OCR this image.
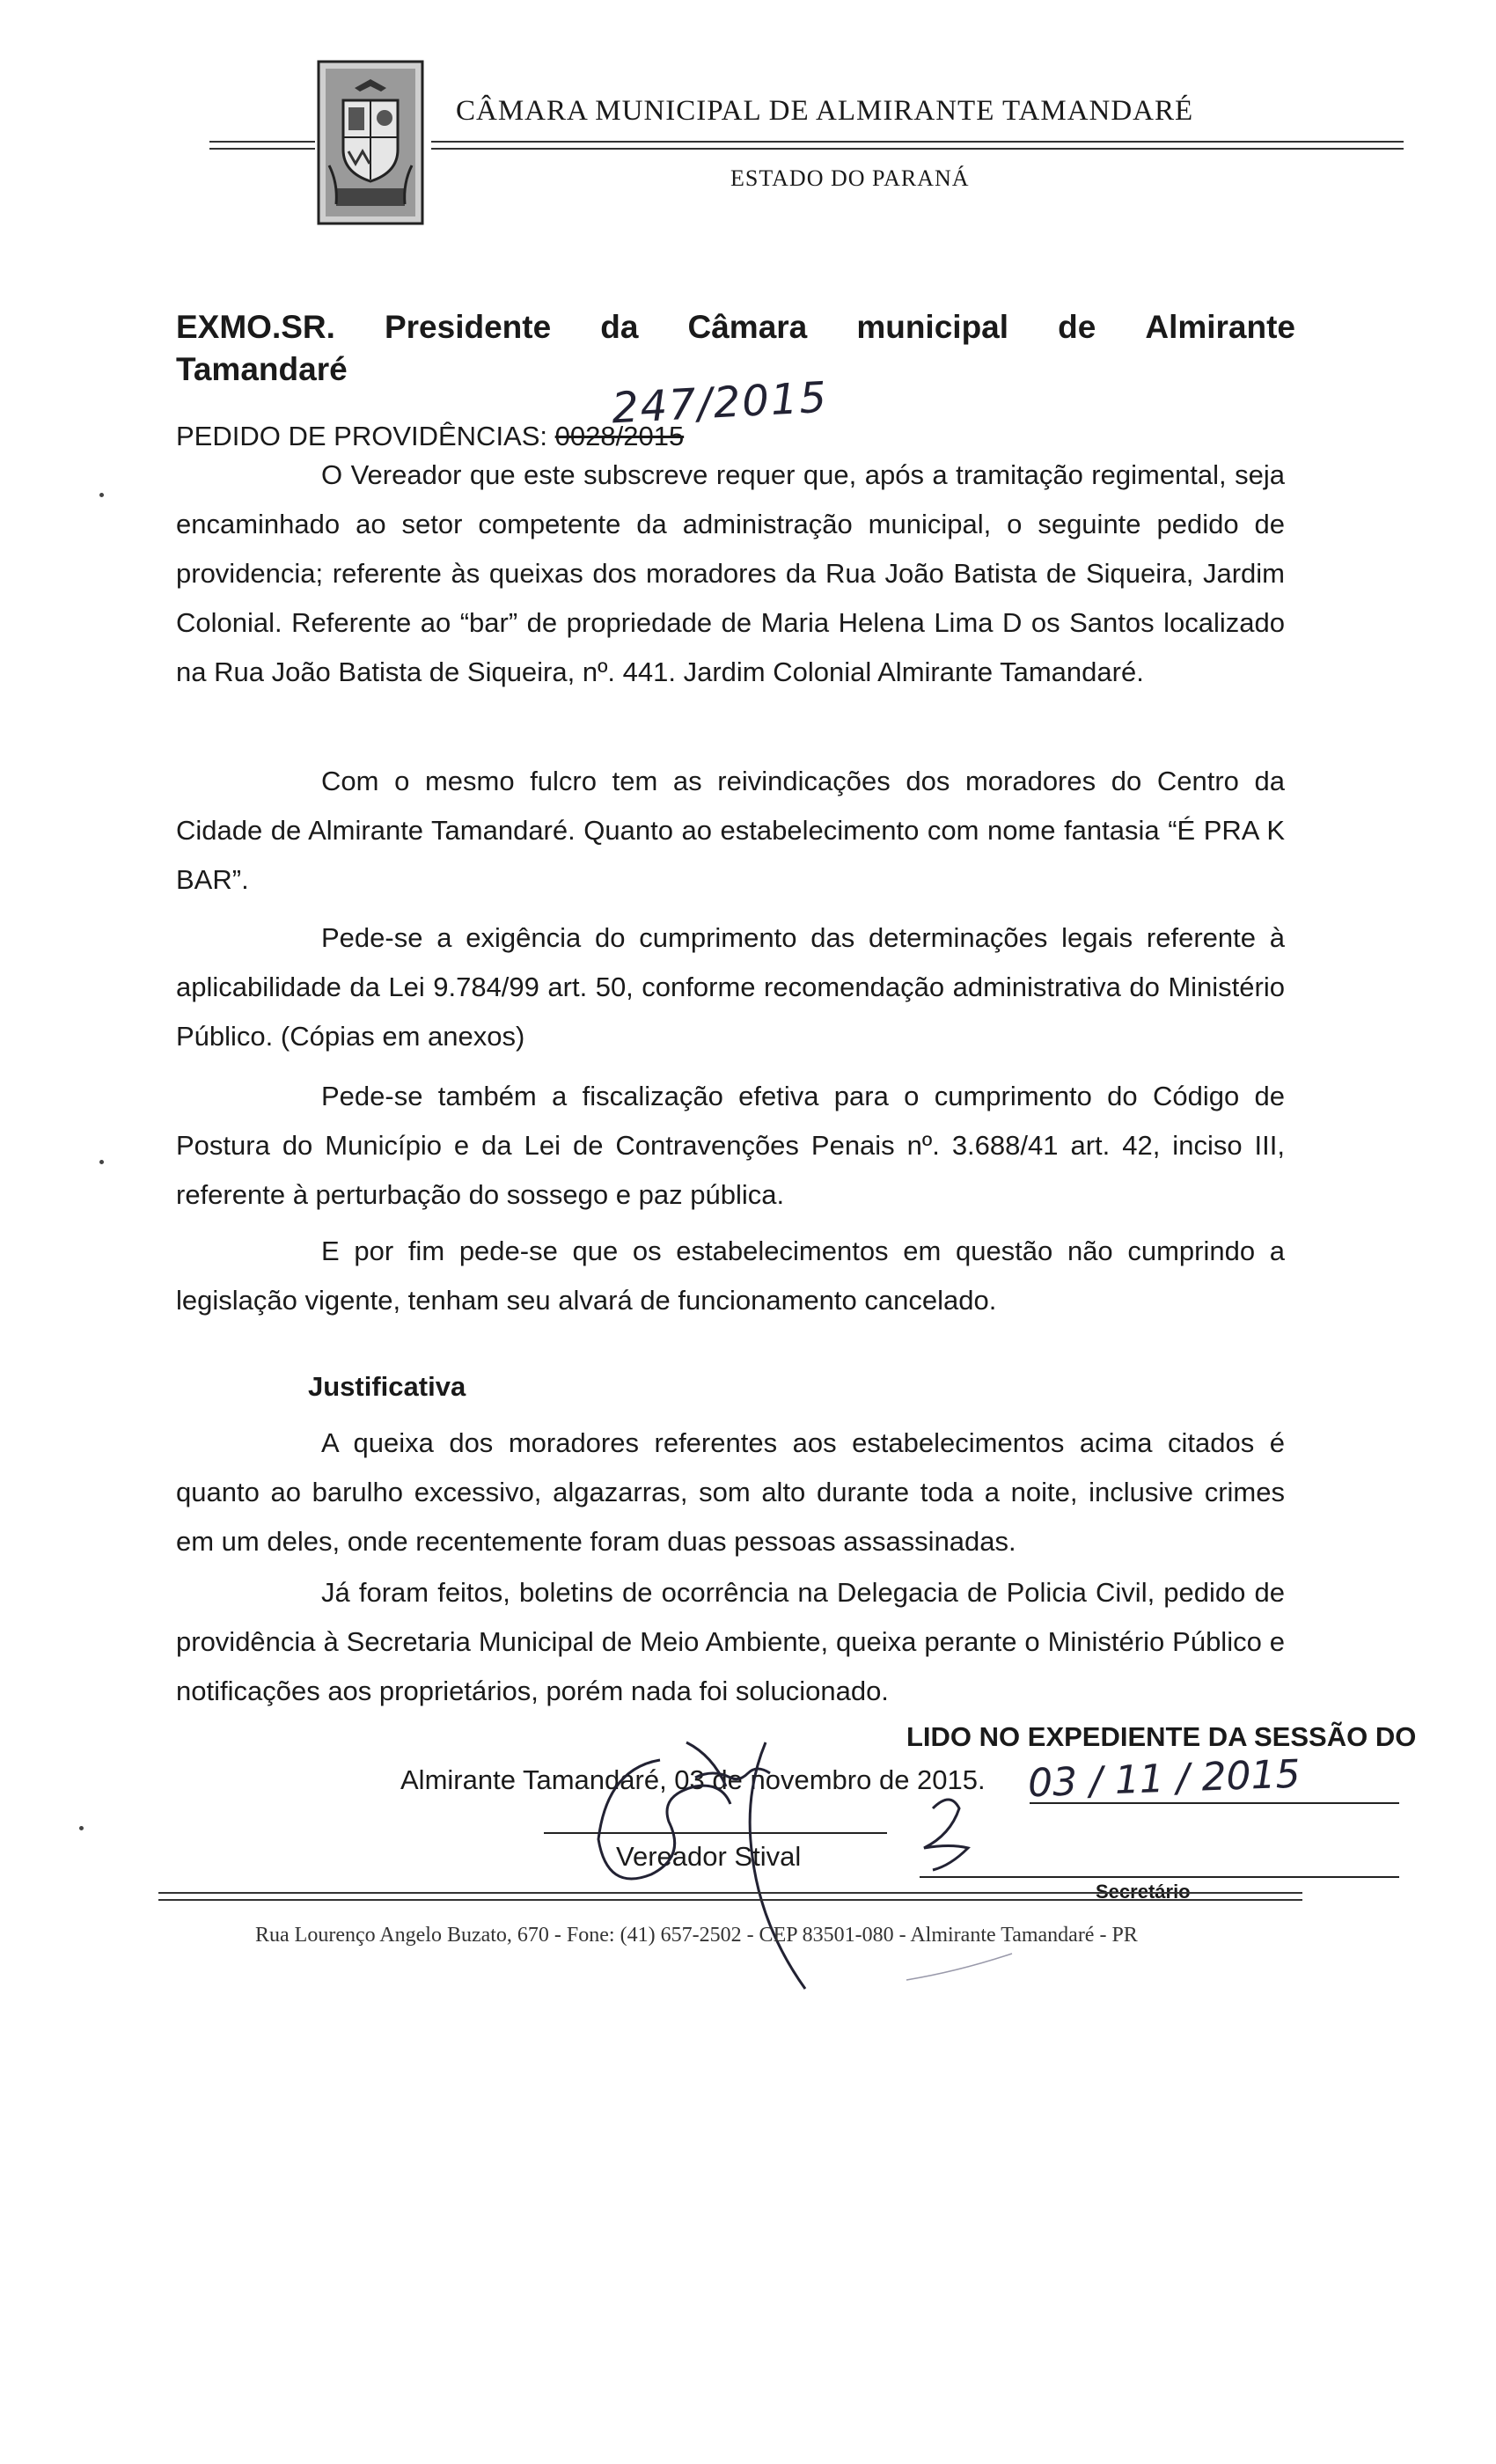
CÂMARA MUNICIPAL DE ALMIRANTE TAMANDARÉ
ESTADO DO PARANÁ
EXMO.SR. Presidente da Câmara municipal de Almirante
Tamandaré
247/2015
PEDIDO DE PROVIDÊNCIAS: 0028/2015
O Vereador que este subscreve requer que, após a tramitação regimental, seja encaminhado ao setor competente da administração municipal, o seguinte pedido de providencia; referente às queixas dos moradores da Rua João Batista de Siqueira, Jardim Colonial. Referente ao “bar” de propriedade de Maria Helena Lima D os Santos localizado na Rua João Batista de Siqueira, nº. 441. Jardim Colonial Almirante Tamandaré.
Com o mesmo fulcro tem as reivindicações dos moradores do Centro da Cidade de Almirante Tamandaré. Quanto ao estabelecimento com nome fantasia “É PRA K BAR”.
Pede-se a exigência do cumprimento das determinações legais referente à aplicabilidade da Lei 9.784/99 art. 50, conforme recomendação administrativa do Ministério Público. (Cópias em anexos)
Pede-se também a fiscalização efetiva para o cumprimento do Código de Postura do Município e da Lei de Contravenções Penais nº. 3.688/41 art. 42, inciso III, referente à perturbação do sossego e paz pública.
E por fim pede-se que os estabelecimentos em questão não cumprindo a legislação vigente, tenham seu alvará de funcionamento cancelado.
Justificativa
A queixa dos moradores referentes aos estabelecimentos acima citados é quanto ao barulho excessivo, algazarras, som alto durante toda a noite, inclusive crimes em um deles, onde recentemente foram duas pessoas assassinadas.
Já foram feitos, boletins de ocorrência na Delegacia de Policia Civil, pedido de providência à Secretaria Municipal de Meio Ambiente, queixa perante o Ministério Público e notificações aos proprietários, porém nada foi solucionado.
LIDO NO EXPEDIENTE DA SESSÃO DO
Almirante Tamandaré, 03 de novembro de 2015. 03 / 11 / 2015
Vereador Stival
Secretário
Rua Lourenço Angelo Buzato, 670 - Fone: (41) 657-2502 - CEP 83501-080 - Almirante Tamandaré - PR
